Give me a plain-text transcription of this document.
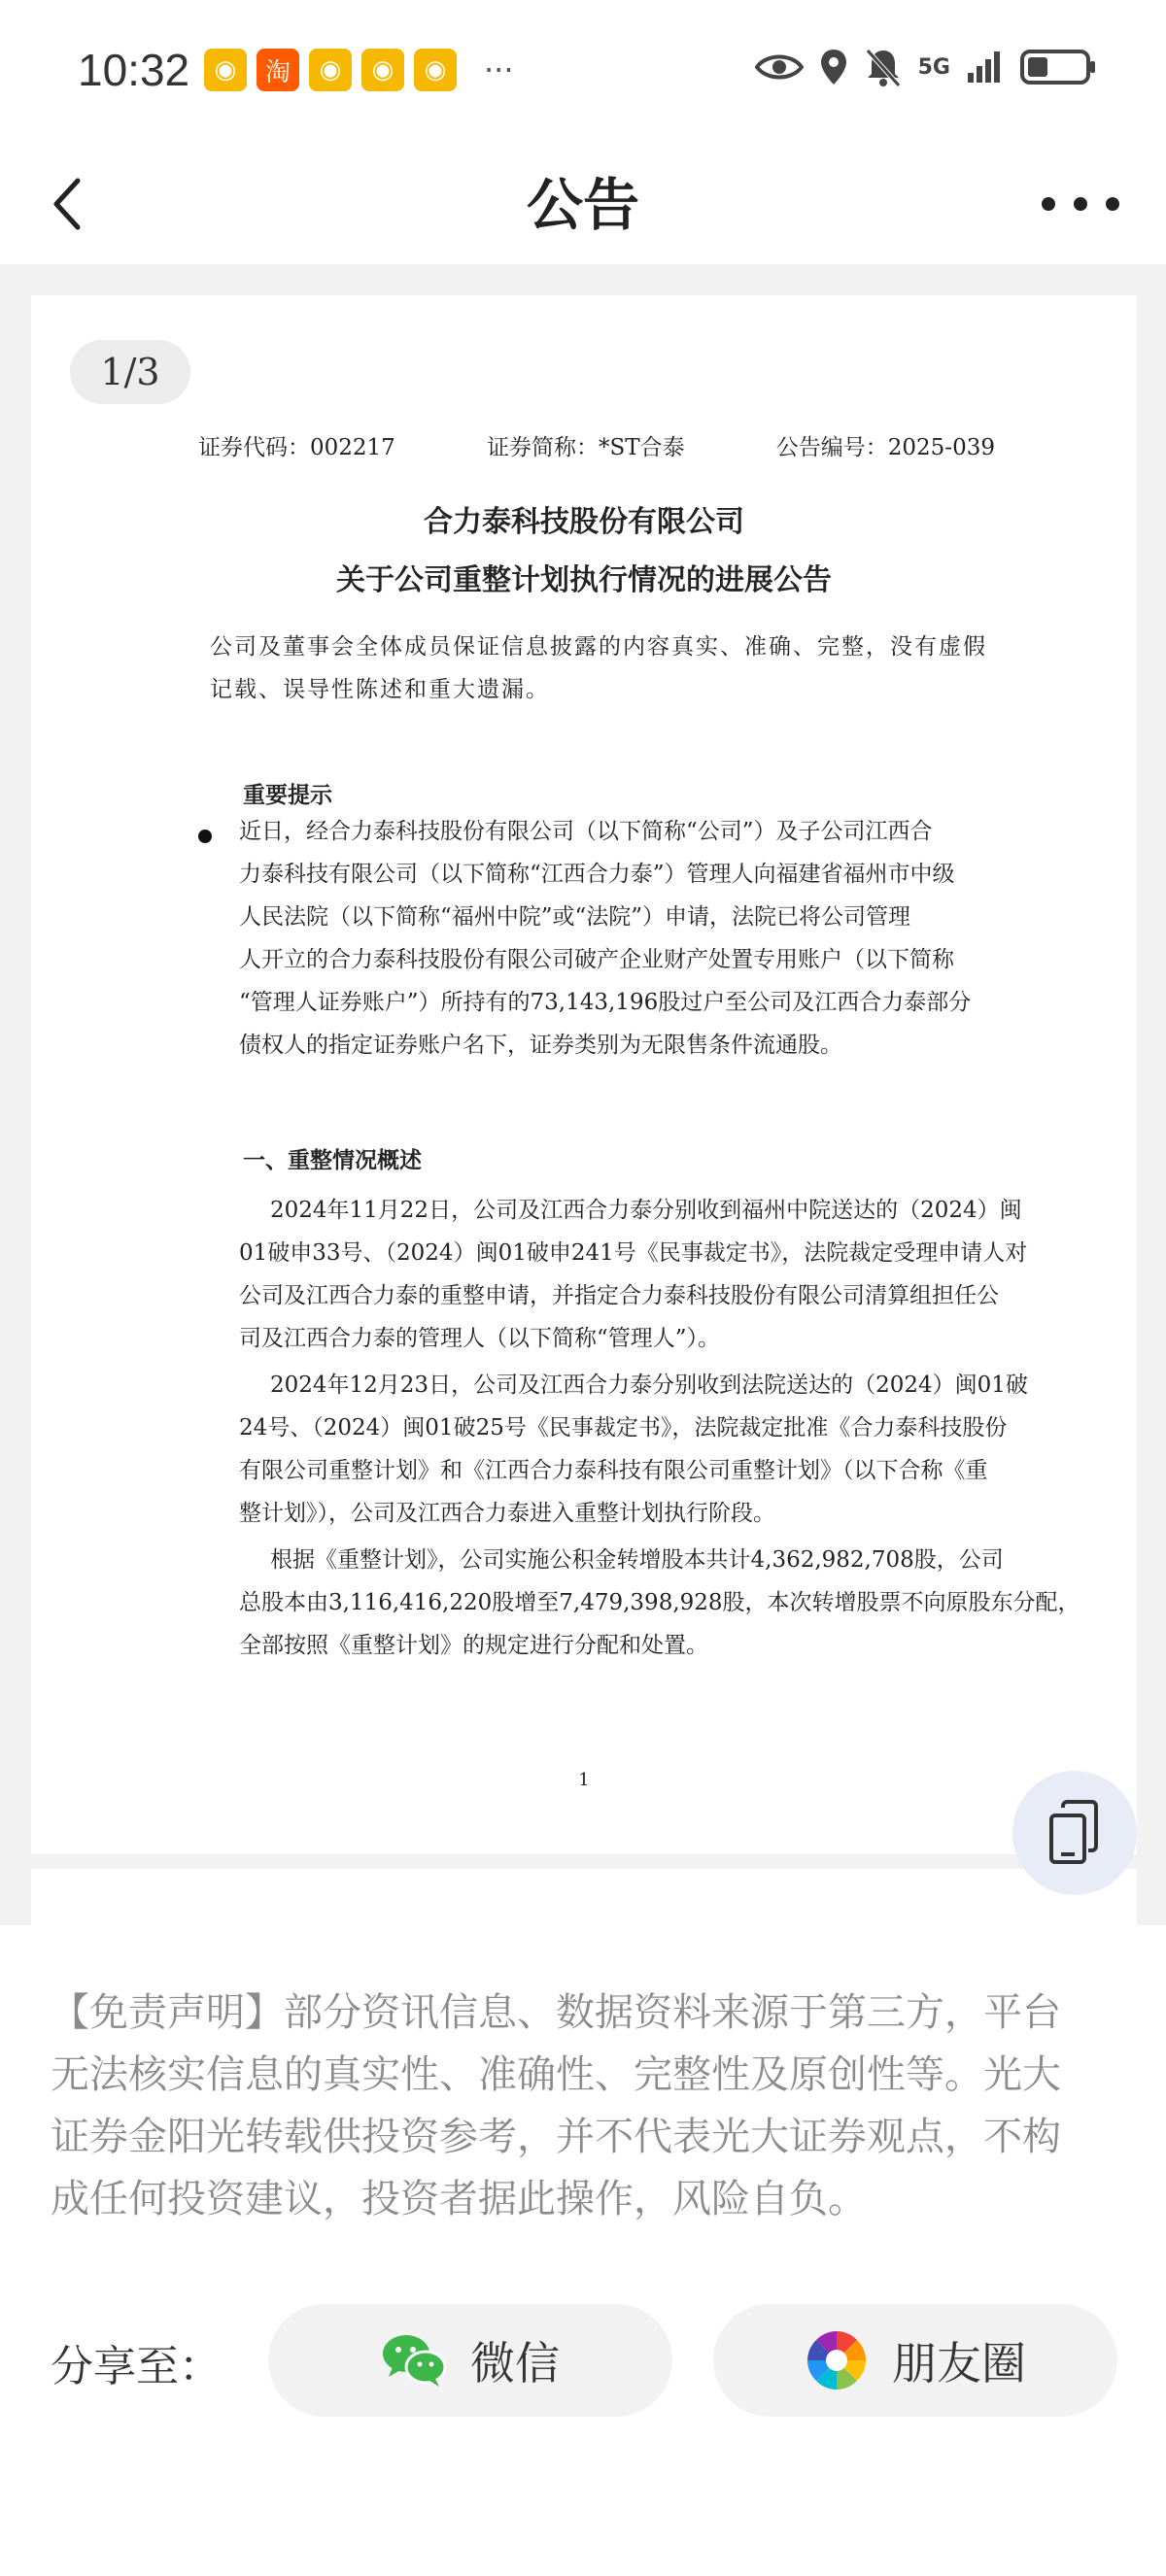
10:32 ◉	淘	◉	◉	◉	···	5G
公告
1/3
证券代码：002217	证券简称：*ST合泰	公告编号：2025-039
合力泰科技股份有限公司
关于公司重整计划执行情况的进展公告
公司及董事会全体成员保证信息披露的内容真实、准确、完整，没有虚假
记载、误导性陈述和重大遗漏。
重要提示
近日，经合力泰科技股份有限公司（以下简称“公司”）及子公司江西合
力泰科技有限公司（以下简称“江西合力泰”）管理人向福建省福州市中级
人民法院（以下简称“福州中院”或“法院”）申请，法院已将公司管理
人开立的合力泰科技股份有限公司破产企业财产处置专用账户（以下简称
“管理人证券账户”）所持有的73,143,196股过户至公司及江西合力泰部分
债权人的指定证券账户名下，证券类别为无限售条件流通股。
一、重整情况概述
2024年11月22日，公司及江西合力泰分别收到福州中院送达的（2024）闽
01破申33号、（2024）闽01破申241号《民事裁定书》，法院裁定受理申请人对
公司及江西合力泰的重整申请，并指定合力泰科技股份有限公司清算组担任公
司及江西合力泰的管理人（以下简称“管理人”）。
2024年12月23日，公司及江西合力泰分别收到法院送达的（2024）闽01破
24号、（2024）闽01破25号《民事裁定书》，法院裁定批准《合力泰科技股份
有限公司重整计划》和《江西合力泰科技有限公司重整计划》（以下合称《重
整计划》），公司及江西合力泰进入重整计划执行阶段。
根据《重整计划》，公司实施公积金转增股本共计4,362,982,708股，公司
总股本由3,116,416,220股增至7,479,398,928股，本次转增股票不向原股东分配，
全部按照《重整计划》的规定进行分配和处置。
1
【免责声明】部分资讯信息、数据资料来源于第三方，平台
无法核实信息的真实性、准确性、完整性及原创性等。光大
证券金阳光转载供投资参考，并不代表光大证券观点，不构
成任何投资建议，投资者据此操作，风险自负。
分享至：	微信	朋友圈
